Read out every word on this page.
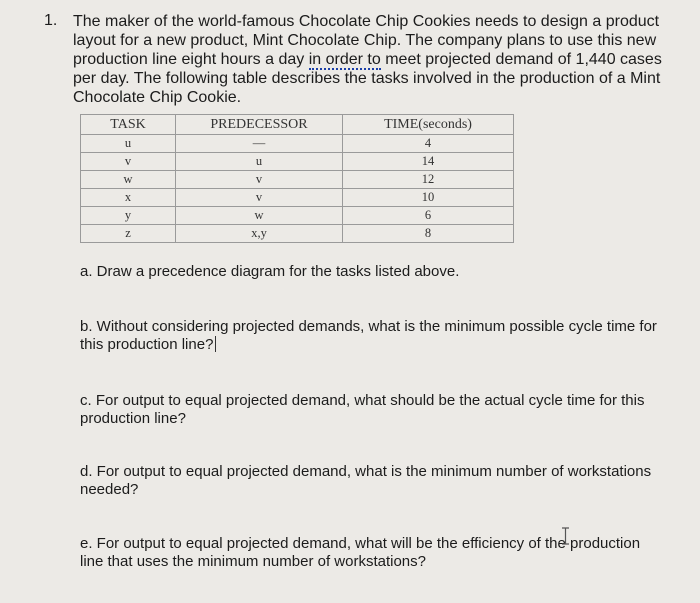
1. The maker of the world-famous Chocolate Chip Cookies needs to design a product layout for a new product, Mint Chocolate Chip. The company plans to use this new production line eight hours a day in order to meet projected demand of 1,440 cases per day. The following table describes the tasks involved in the production of a Mint Chocolate Chip Cookie.
TASK	PREDECESSOR	TIME(seconds)
u	—	4
v	u	14
w	v	12
x	v	10
y	w	6
z	x,y	8
a. Draw a precedence diagram for the tasks listed above.
b. Without considering projected demands, what is the minimum possible cycle time for this production line?
c. For output to equal projected demand, what should be the actual cycle time for this production line?
d. For output to equal projected demand, what is the minimum number of workstations needed?
e. For output to equal projected demand, what will be the efficiency of the production line that uses the minimum number of workstations?
